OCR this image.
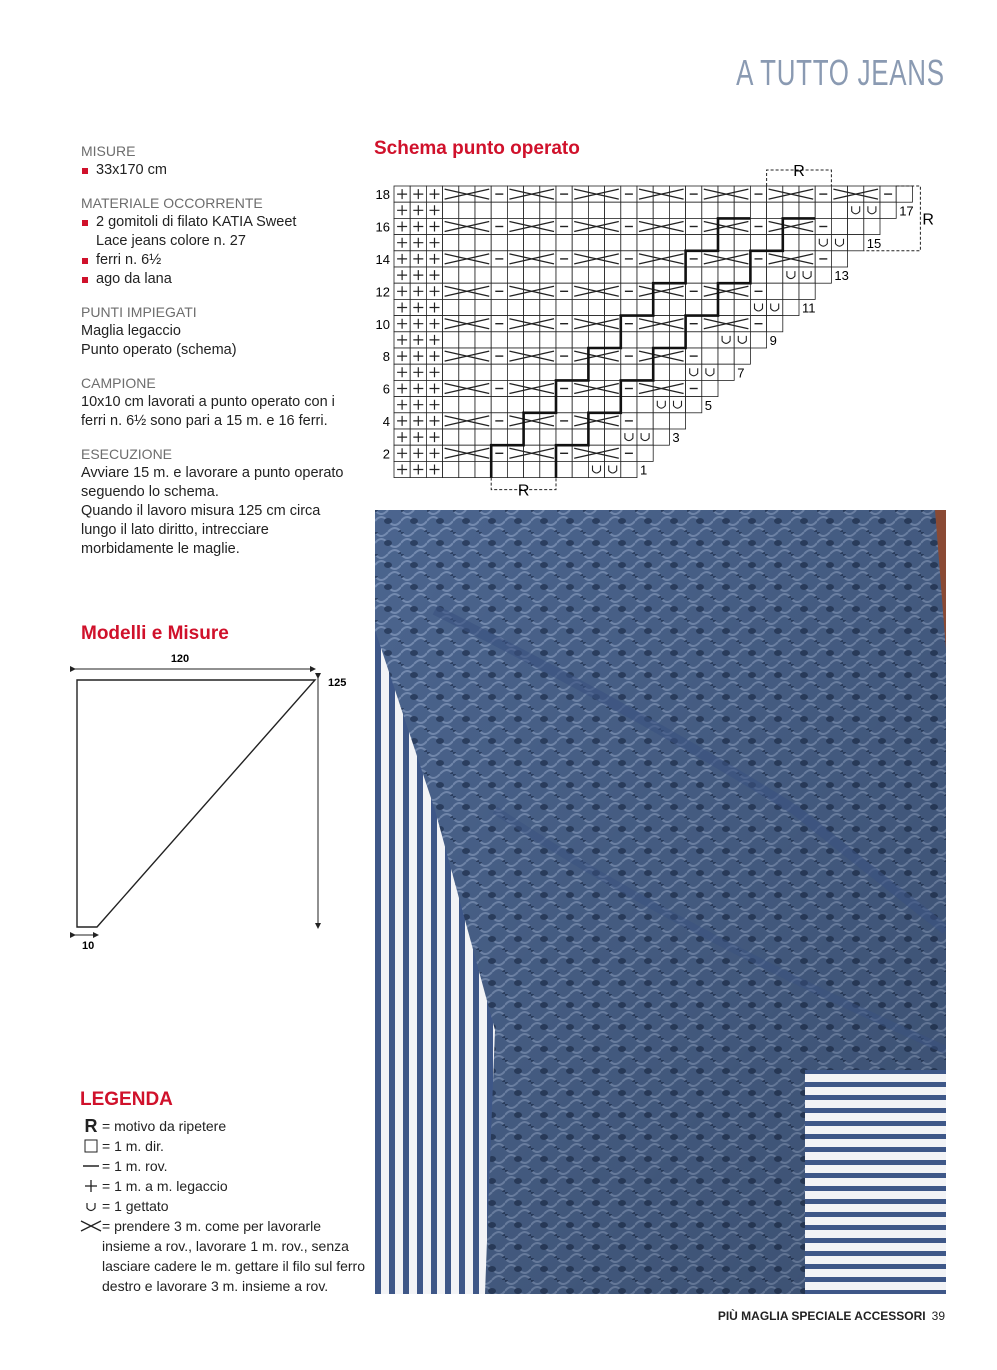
A TUTTO JEANS
MISURE
33x170 cm
MATERIALE OCCORRENTE
2 gomitoli di filato KATIA Sweet
Lace jeans colore n. 27
ferri n. 6½
ago da lana
PUNTI IMPIEGATI
Maglia legaccio
Punto operato (schema)
CAMPIONE
10x10 cm lavorati a punto operato con i
ferri n. 6½ sono pari a 15 m. e 16 ferri.
ESECUZIONE
Avviare 15 m. e lavorare a punto operato
seguendo lo schema.
Quando il lavoro misura 125 cm circa
lungo il lato diritto, intrecciare
morbidamente le maglie.
Modelli e Misure
120
125
10
Schema punto operato
18
17
16
15
14
13
12
11
10
9
8
7
6
5
4
3
2
1
R
R
R
LEGENDA
R = motivo da ripetere
= 1 m. dir.
= 1 m. rov.
= 1 m. a m. legaccio
= 1 gettato
= prendere 3 m. come per lavorarle
insieme a rov., lavorare 1 m. rov., senza
lasciare cadere le m. gettare il filo sul ferro
destro e lavorare 3 m. insieme a rov.
PIÙ MAGLIA SPECIALE ACCESSORI 39
